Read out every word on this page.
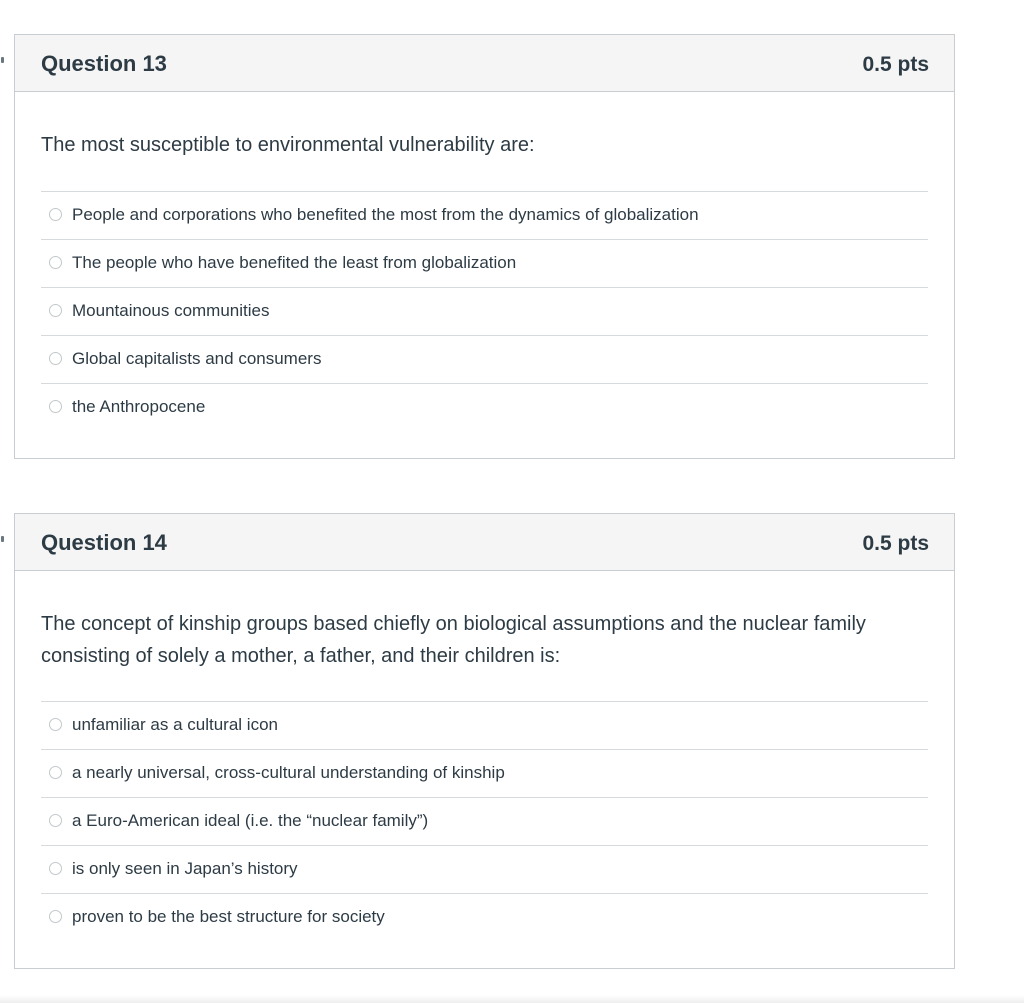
Question 13	0.5 pts
The most susceptible to environmental vulnerability are:
People and corporations who benefited the most from the dynamics of globalization
The people who have benefited the least from globalization
Mountainous communities
Global capitalists and consumers
the Anthropocene
Question 14	0.5 pts
The concept of kinship groups based chiefly on biological assumptions and the nuclear family consisting of solely a mother, a father, and their children is:
unfamiliar as a cultural icon
a nearly universal, cross-cultural understanding of kinship
a Euro-American ideal (i.e. the “nuclear family”)
is only seen in Japan’s history
proven to be the best structure for society
